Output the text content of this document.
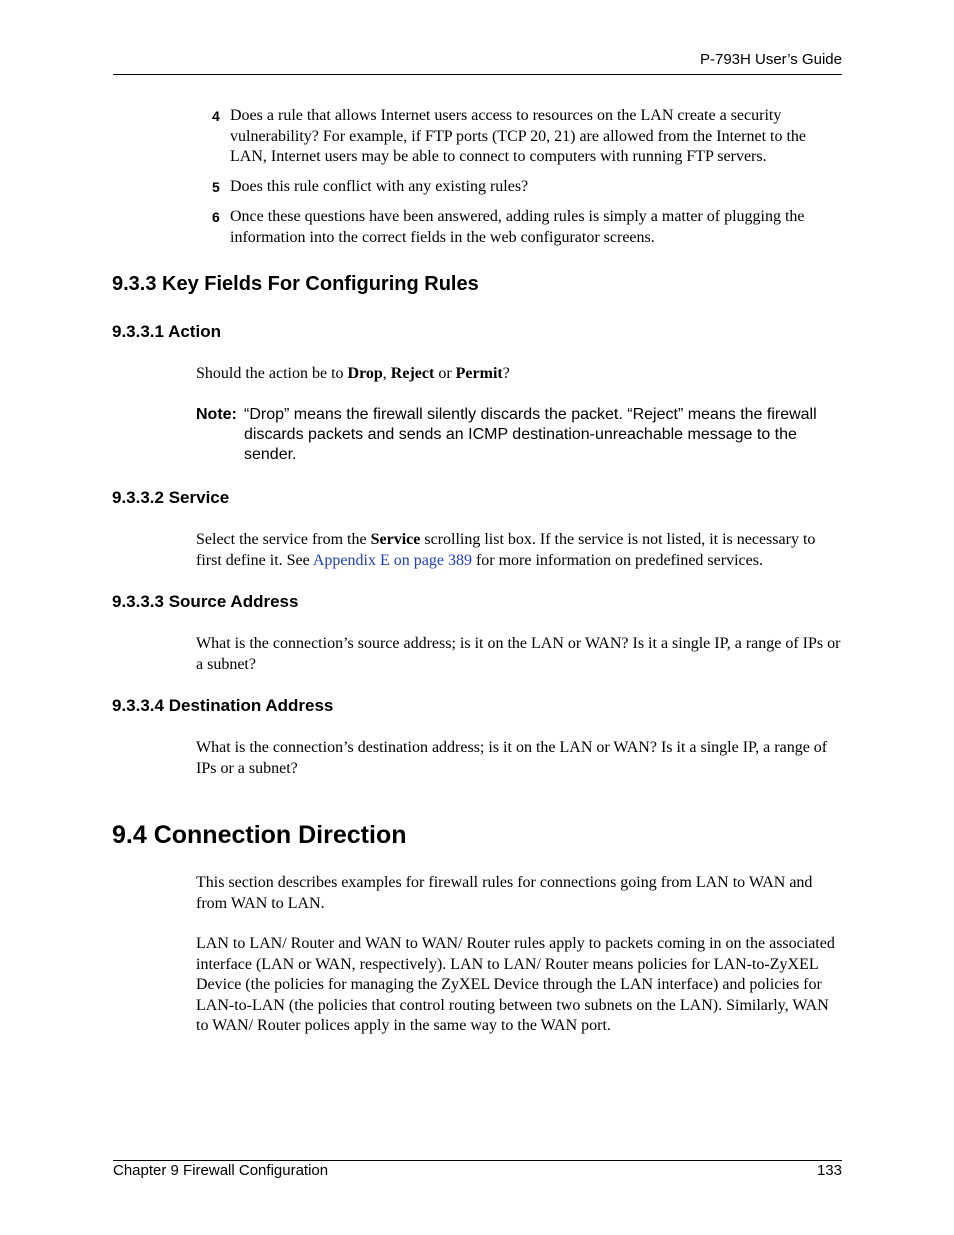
P-793H User’s Guide
4 Does a rule that allows Internet users access to resources on the LAN create a security vulnerability? For example, if FTP ports (TCP 20, 21) are allowed from the Internet to the LAN, Internet users may be able to connect to computers with running FTP servers.
5 Does this rule conflict with any existing rules?
6 Once these questions have been answered, adding rules is simply a matter of plugging the information into the correct fields in the web configurator screens.
9.3.3 Key Fields For Configuring Rules
9.3.3.1 Action
Should the action be to Drop, Reject or Permit?
Note: “Drop” means the firewall silently discards the packet. “Reject” means the firewall discards packets and sends an ICMP destination-unreachable message to the sender.
9.3.3.2 Service
Select the service from the Service scrolling list box. If the service is not listed, it is necessary to first define it. See Appendix E on page 389 for more information on predefined services.
9.3.3.3 Source Address
What is the connection’s source address; is it on the LAN or WAN? Is it a single IP, a range of IPs or a subnet?
9.3.3.4 Destination Address
What is the connection’s destination address; is it on the LAN or WAN? Is it a single IP, a range of IPs or a subnet?
9.4 Connection Direction
This section describes examples for firewall rules for connections going from LAN to WAN and from WAN to LAN.
LAN to LAN/ Router and WAN to WAN/ Router rules apply to packets coming in on the associated interface (LAN or WAN, respectively). LAN to LAN/ Router means policies for LAN-to-ZyXEL Device (the policies for managing the ZyXEL Device through the LAN interface) and policies for LAN-to-LAN (the policies that control routing between two subnets on the LAN). Similarly, WAN to WAN/ Router polices apply in the same way to the WAN port.
Chapter 9 Firewall Configuration	133
